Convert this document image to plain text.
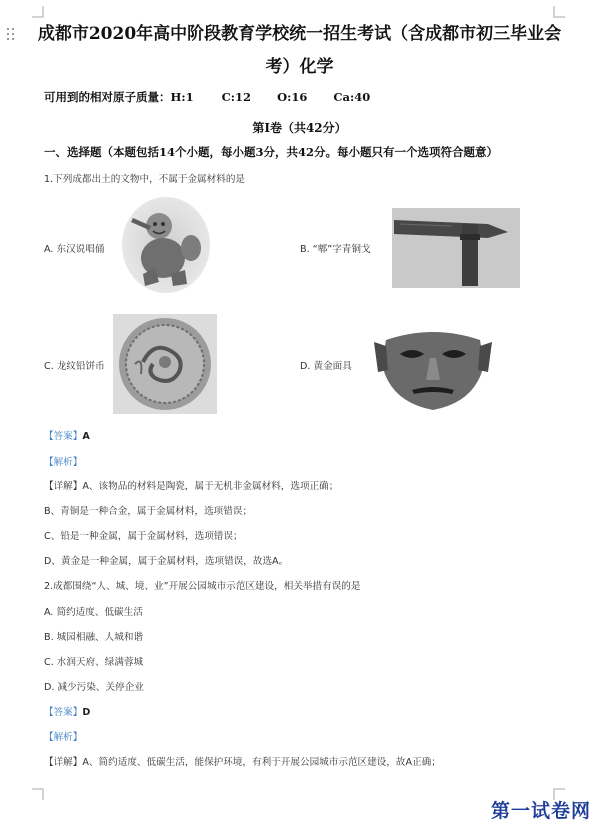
成都市2020年高中阶段教育学校统一招生考试（含成都市初三毕业会
考）化学
可用到的相对原子质量：H:1 C:12 O:16 Ca:40
第Ⅰ卷（共42分）
一、选择题（本题包括14个小题，每小题3分，共42分。每小题只有一个选项符合题意）
1.下列成都出土的文物中，不属于金属材料的是
A. 东汉说唱俑	B. “郫”字青铜戈
C. 龙纹铅饼币	D. 黄金面具
【答案】A
【解析】
【详解】A、该物品的材料是陶瓷，属于无机非金属材料，选项正确；
B、青铜是一种合金，属于金属材料，选项错误；
C、铅是一种金属，属于金属材料，选项错误；
D、黄金是一种金属，属于金属材料，选项错误，故选A。
2.成都围绕“人、城、境、业”开展公园城市示范区建设，相关举措有误的是
A. 简约适度、低碳生活
B. 城园相融、人城和谐
C. 水润天府、绿满蓉城
D. 减少污染、关停企业
【答案】D
【解析】
【详解】A、简约适度、低碳生活，能保护环境，有利于开展公园城市示范区建设，故A正确；
第一试卷网
